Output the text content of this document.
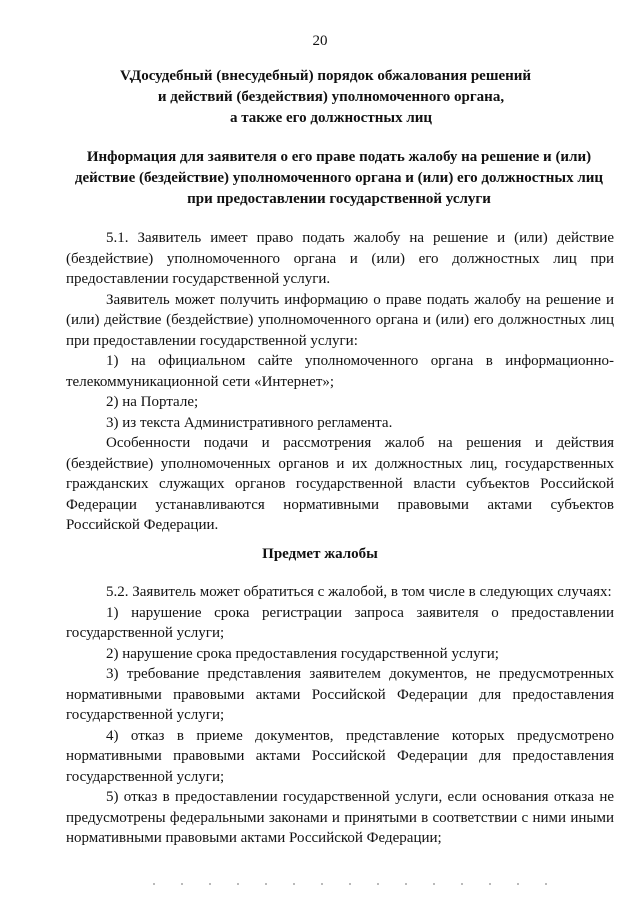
20
V.
Досудебный (внесудебный) порядок обжалования решений
и действий (бездействия) уполномоченного органа,
а также его должностных лиц
Информация для заявителя о его праве подать жалобу на решение и (или)
действие (бездействие) уполномоченного органа и (или) его должностных лиц
при предоставлении государственной услуги

5.1. Заявитель имеет право подать жалобу на решение и (или) действие (бездействие) уполномоченного органа и (или) его должностных лиц при предоставлении государственной услуги.

Заявитель может получить информацию о праве подать жалобу на решение и (или) действие (бездействие) уполномоченного органа и (или) его должностных лиц при предоставлении государственной услуги:

1) на официальном сайте уполномоченного органа в информационно-телекоммуникационной сети «Интернет»;

2) на Портале;

3) из текста Административного регламента.

Особенности подачи и рассмотрения жалоб на решения и действия (бездействие) уполномоченных органов и их должностных лиц, государственных гражданских служащих органов государственной власти субъектов Российской Федерации устанавливаются нормативными правовыми актами субъектов Российской Федерации.

Предмет жалобы

5.2. Заявитель может обратиться с жалобой, в том числе в следующих случаях:

1) нарушение срока регистрации запроса заявителя о предоставлении государственной услуги;

2) нарушение срока предоставления государственной услуги;

3) требование представления заявителем документов, не предусмотренных нормативными правовыми актами Российской Федерации для предоставления государственной услуги;

4) отказ в приеме документов, представление которых предусмотрено нормативными правовыми актами Российской Федерации для предоставления государственной услуги;

5) отказ в предоставлении государственной услуги, если основания отказа не предусмотрены федеральными законами и принятыми в соответствии с ними иными нормативными правовыми актами Российской Федерации;
